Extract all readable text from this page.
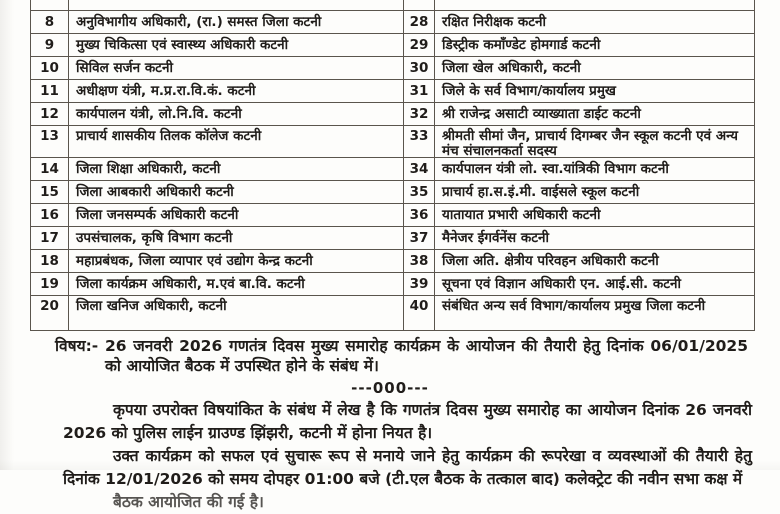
8	अनुविभागीय अधिकारी, (रा.) समस्त जिला कटनी	28	रक्षित निरीक्षक कटनी
9	मुख्य चिकित्सा एवं स्वास्थ्य अधिकारी कटनी	29	डिस्ट्रीक कमाँण्डेट होमगार्ड कटनी
10	सिविल सर्जन कटनी	30	जिला खेल अधिकारी, कटनी
11	अधीक्षण यंत्री, म.प्र.रा.वि.कं. कटनी	31	जिले के सर्व विभाग/कार्यालय प्रमुख
12	कार्यपालन यंत्री, लो.नि.वि. कटनी	32	श्री राजेन्द्र असाटी व्याख्याता डाईट कटनी
13	प्राचार्य शासकीय तिलक कॉलेज कटनी	33	श्रीमती सीमां जैन, प्राचार्य दिगम्बर जैन स्कूल कटनी एवं अन्य मंच संचालनकर्ता सदस्य
14	जिला शिक्षा अधिकारी, कटनी	34	कार्यपालन यंत्री लो. स्वा.यांत्रिकी विभाग कटनी
15	जिला आबकारी अधिकारी कटनी	35	प्राचार्य हा.स.इं.मी. वाईसले स्कूल कटनी
16	जिला जनसम्पर्क अधिकारी कटनी	36	यातायात प्रभारी अधिकारी कटनी
17	उपसंचालक, कृषि विभाग कटनी	37	मैनेजर ईगर्वनेंस कटनी
18	महाप्रबंधक, जिला व्यापार एवं उद्योग केन्द्र कटनी	38	जिला अति. क्षेत्रीय परिवहन अधिकारी कटनी
19	जिला कार्यक्रम अधिकारी, म.एवं बा.वि. कटनी	39	सूचना एवं विज्ञान अधिकारी एन. आई.सी. कटनी
20	जिला खनिज अधिकारी, कटनी	40	संबंधित अन्य सर्व विभाग/कार्यालय प्रमुख जिला कटनी
विषय:- 26 जनवरी 2026 गणतंत्र दिवस मुख्य समारोह कार्यक्रम के आयोजन की तैयारी हेतु दिनांक 06/01/2025 को आयोजित बैठक में उपस्थित होने के संबंध में।
---000---

कृपया उपरोक्त विषयांकित के संबंध में लेख है कि गणतंत्र दिवस मुख्य समारोह का आयोजन दिनांक 26 जनवरी 2026 को पुलिस लाईन ग्राउण्ड झिंझरी, कटनी में होना नियत है।

उक्त कार्यक्रम को सफल एवं सुचारू रूप से मनाये जाने हेतु कार्यक्रम की रूपरेखा व व्यवस्थाओं की तैयारी हेतु दिनांक 12/01/2026 को समय दोपहर 01:00 बजे (टी.एल बैठक के तत्काल बाद) कलेक्ट्रेट की नवीन सभा कक्ष में

बैठक आयोजित की गई है।
